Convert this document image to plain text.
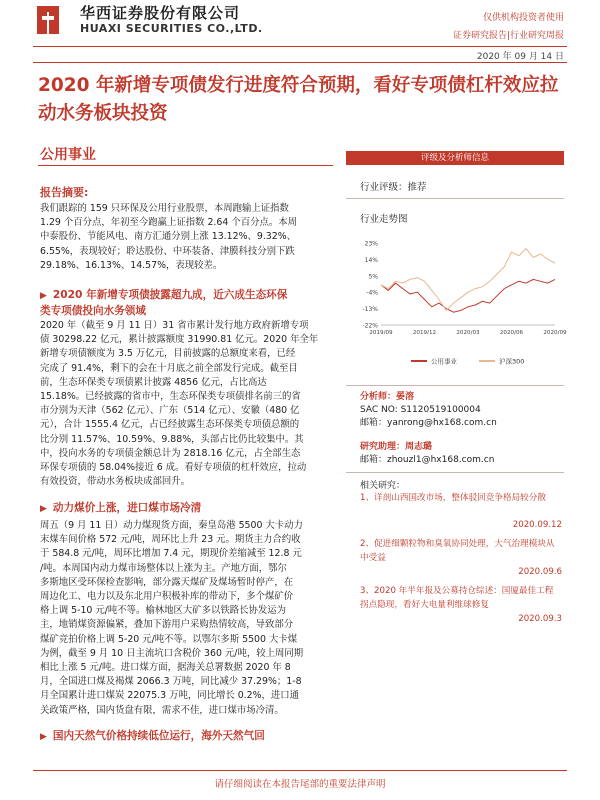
华西证券股份有限公司
HUAXI SECURITIES CO.,LTD.
仅供机构投资者使用
证券研究报告|行业研究周报
2020 年 09 月 14 日
2020 年新增专项债发行进度符合预期，看好专项债杠杆效应拉动水务板块投资
公用事业
报告摘要:
我们跟踪的 159 只环保及公用行业股票，本周跑输上证指数
1.29 个百分点，年初至今跑赢上证指数 2.64 个百分点。本周
中泰股份、节能风电、南方汇通分别上涨 13.12%、9.32%、
6.55%，表现较好；聆达股份、中环装备、津膜科技分别下跌
29.18%、16.13%、14.57%，表现较差。
▶ 2020 年新增专项债披露超九成，近六成生态环保
类专项债投向水务领域
2020 年（截至 9 月 11 日）31 省市累计发行地方政府新增专项
债 30298.22 亿元，累计披露额度 31990.81 亿元。2020 年全年
新增专项债额度为 3.5 万亿元，目前披露的总额度来看，已经
完成了 91.4%，剩下的会在十月底之前全部发行完成。截至目
前，生态环保类专项债累计披露 4856 亿元，占比高达
15.18%。已经披露的省市中，生态环保类专项债排名前三的省
市分别为天津（562 亿元）、广东（514 亿元）、安徽（480 亿
元），合计 1555.4 亿元，占已经披露生态环保类专项债总额的
比分别 11.57%、10.59%、9.88%，头部占比仍比较集中。其
中，投向水务的专项债金额总计为 2818.16 亿元，占全部生态
环保专项债的 58.04%接近 6 成。看好专项债的杠杆效应，拉动
有效投资，带动水务板块成部回升。
▶ 动力煤价上涨，进口煤市场冷清
周五（9 月 11 日）动力煤现货方面，秦皇岛港 5500 大卡动力
末煤车间价格 572 元/吨，周环比上升 23 元。期货主力合约收
于 584.8 元/吨，周环比增加 7.4 元，期现价差缩减至 12.8 元
/吨。本周国内动力煤市场整体以上涨为主。产地方面，鄂尔
多斯地区受环保检查影响，部分露天煤矿及煤场暂时停产，在
周边化工、电力以及东北用户积极补库的带动下，多个煤矿价
格上调 5-10 元/吨不等。榆林地区大矿多以铁路长协发运为
主，地销煤资源偏紧，叠加下游用户采购热情较高，导致部分
煤矿竞拍价格上调 5-20 元/吨不等。以鄂尔多斯 5500 大卡煤
为例，截至 9 月 10 日主流坑口含税价 360 元/吨，较上周同期
相比上涨 5 元/吨。进口煤方面，据海关总署数据 2020 年 8
月，全国进口煤及褐煤 2066.3 万吨，同比减少 37.29%；1-8
月全国累计进口煤炭 22075.3 万吨，同比增长 0.2%，进口通
关政策严格，国内货盘有限，需求不佳，进口煤市场冷清。
▶ 国内天然气价格持续低位运行，海外天然气回
评级及分析师信息
行业评级：推荐
行业走势图
23%
14%
5%
-4%
-13%
-22%
2019/09	2019/12	2020/03	2020/06	2020/09
公用事业	沪深300
分析师：晏溶
SAC NO: S1120519100004
邮箱：yanrong@hx168.com.cn
研究助理：周志璐
邮箱：zhouzl1@hx168.com.cn
相关研究：
1、详剖山西国改市场，整体驳回竞争格局较分散
2020.09.12
2、促进细颗粒物和臭氧协同处理，大气治理模块从中受益
2020.09.6
3、2020 年半年报及公募持仓综述：国厦最佳工程拐点隐现，看好大电量利维球修复
2020.09.3
请仔细阅读在本报告尾部的重要法律声明
